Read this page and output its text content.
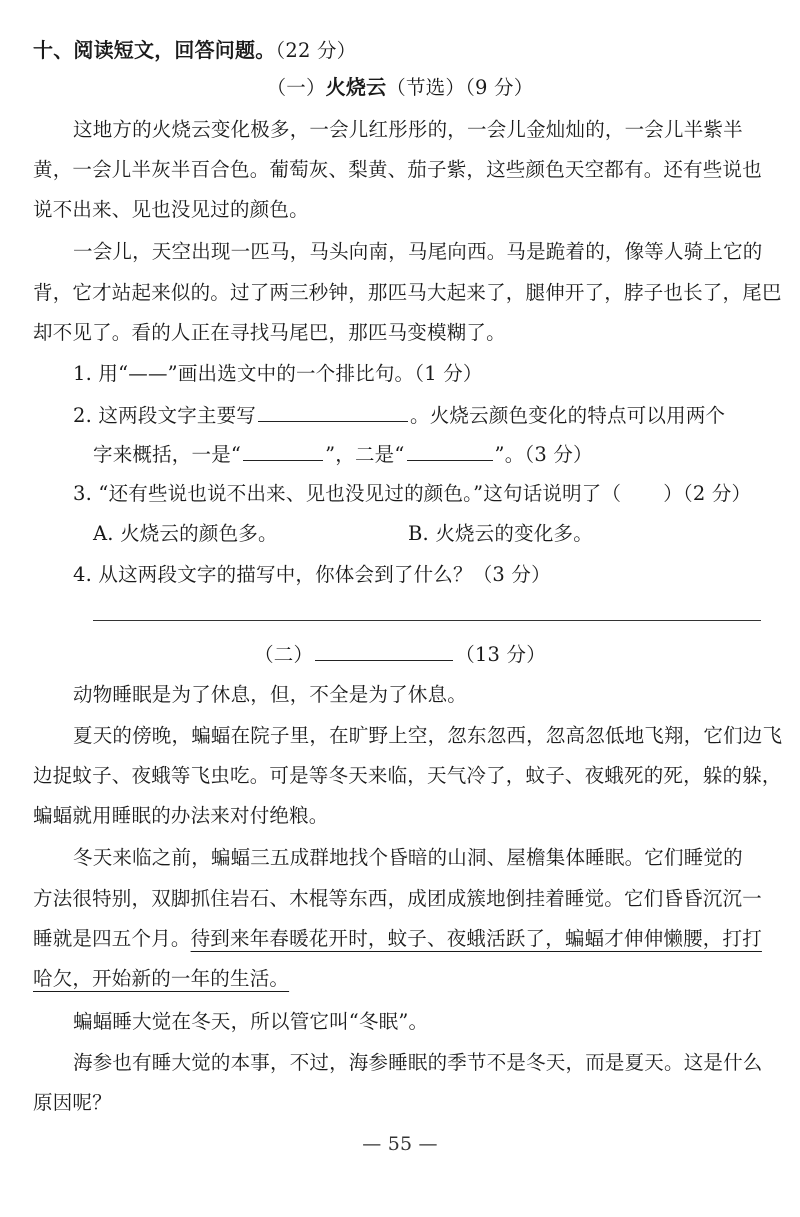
十、阅读短文，回答问题。（22 分）
（一）火烧云（节选）（9 分）
这地方的火烧云变化极多，一会儿红彤彤的，一会儿金灿灿的，一会儿半紫半
黄，一会儿半灰半百合色。葡萄灰、梨黄、茄子紫，这些颜色天空都有。还有些说也
说不出来、见也没见过的颜色。
一会儿，天空出现一匹马，马头向南，马尾向西。马是跪着的，像等人骑上它的
背，它才站起来似的。过了两三秒钟，那匹马大起来了，腿伸开了，脖子也长了，尾巴
却不见了。看的人正在寻找马尾巴，那匹马变模糊了。
1. 用“——”画出选文中的一个排比句。（1 分）
2. 这两段文字主要写	。火烧云颜色变化的特点可以用两个
字来概括，一是“	”，二是“	”。（3 分）
3. “还有些说也说不出来、见也没见过的颜色。”这句话说明了（ ）（2 分）
A. 火烧云的颜色多。	B. 火烧云的变化多。
4. 从这两段文字的描写中，你体会到了什么？（3 分）
（二）	（13 分）
动物睡眠是为了休息，但，不全是为了休息。
夏天的傍晚，蝙蝠在院子里，在旷野上空，忽东忽西，忽高忽低地飞翔，它们边飞
边捉蚊子、夜蛾等飞虫吃。可是等冬天来临，天气冷了，蚊子、夜蛾死的死，躲的躲，
蝙蝠就用睡眠的办法来对付绝粮。
冬天来临之前，蝙蝠三五成群地找个昏暗的山洞、屋檐集体睡眠。它们睡觉的
方法很特别，双脚抓住岩石、木棍等东西，成团成簇地倒挂着睡觉。它们昏昏沉沉一
睡就是四五个月。待到来年春暖花开时，蚊子、夜蛾活跃了，蝙蝠才伸伸懒腰，打打
哈欠，开始新的一年的生活。
蝙蝠睡大觉在冬天，所以管它叫“冬眠”。
海参也有睡大觉的本事，不过，海参睡眠的季节不是冬天，而是夏天。这是什么
原因呢？
— 55 —
